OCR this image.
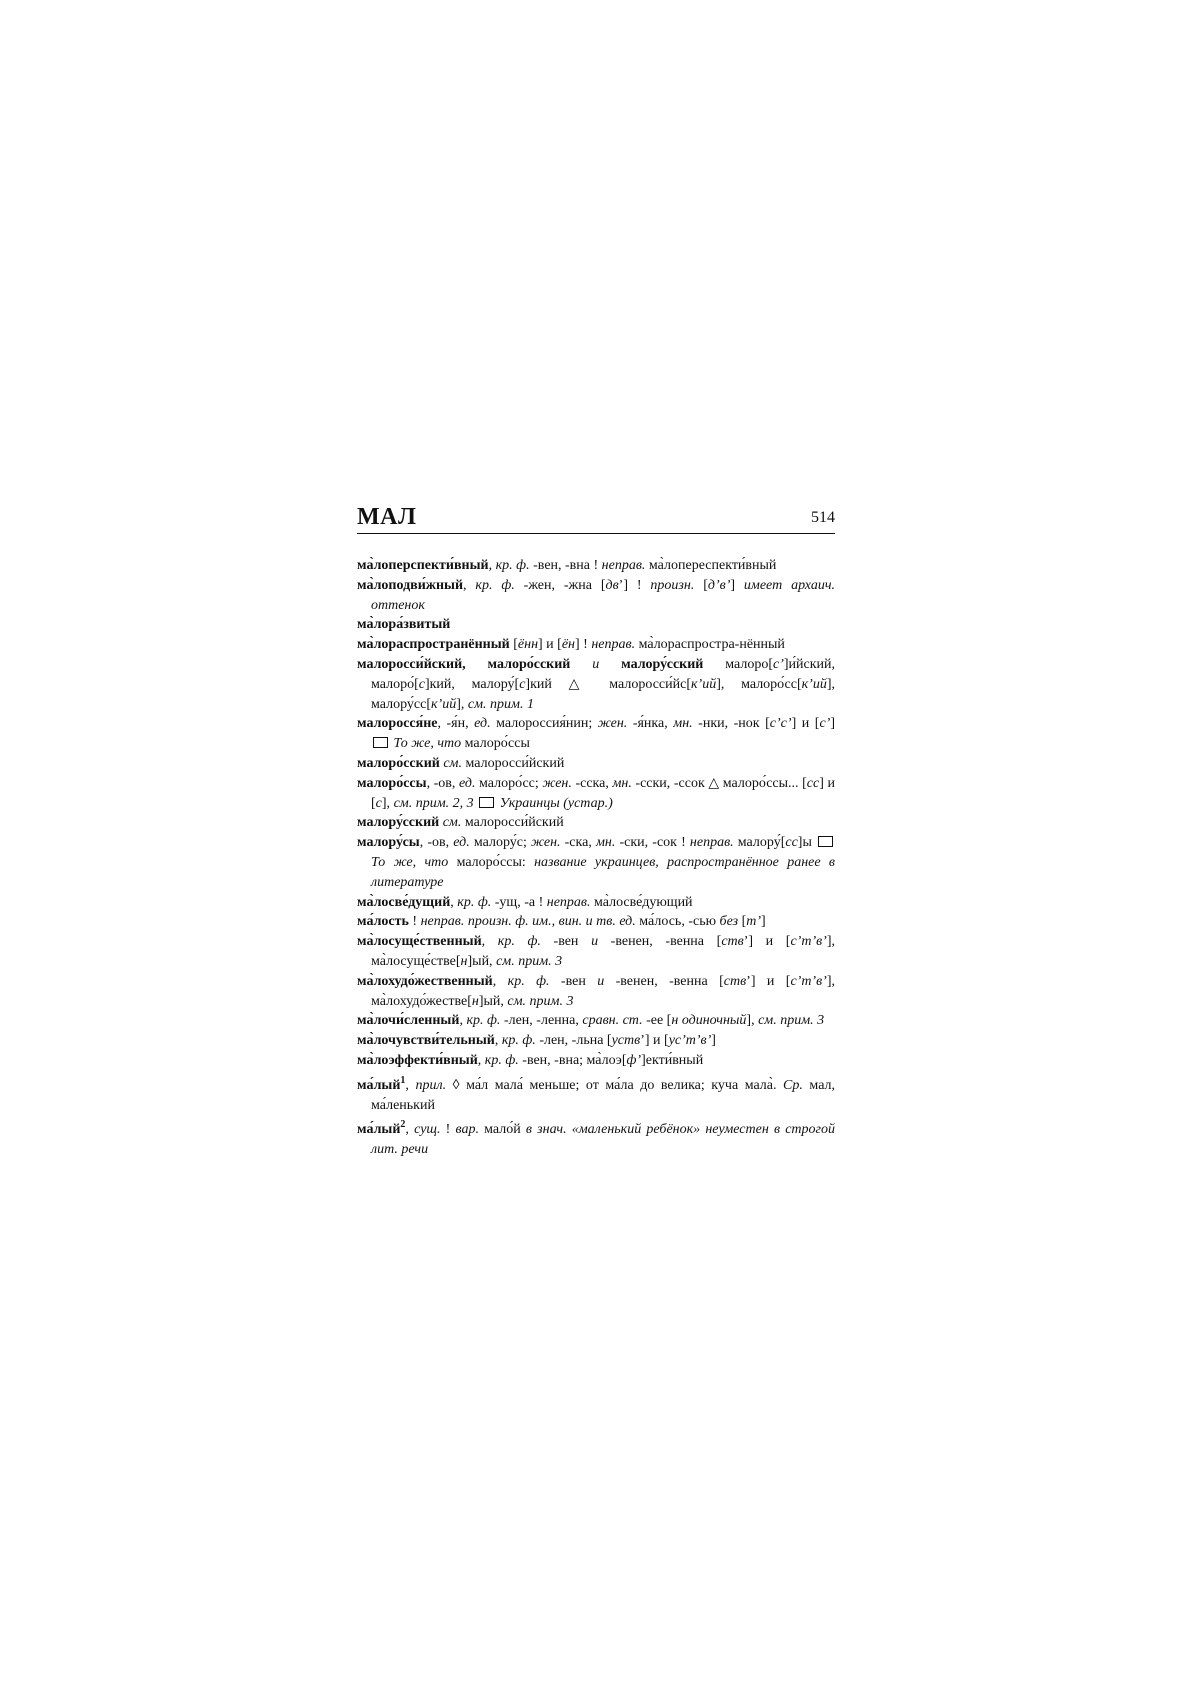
МАЛ	514

ма̀лоперспекти́вный, кр. ф. -вен, -вна ! неправ. ма̀лопереспекти́вный

ма̀лоподви́жный, кр. ф. -жен, -жна [двʼ] ! произн. [дʼвʼ] имеет архаич. оттенок

ма̀лора́звитый

ма̀лораспространённый [ённ] и [ён] ! неправ. ма̀лораспростра-нённый

малоросси́йский, малоро́сский и малору́сский малоро[сʼ]и́йский, малоро́[с]кий, малору́[с]кий △ малоросси́йс[кʼий], малоро́сс[кʼий], малору́сс[кʼий], см. прим. 1

малоросся́не, -я́н, ед. малороссия́нин; жен. -я́нка, мн. -нки, -нок [сʼсʼ] и [сʼ]  То же, что малоро́ссы

малоро́сский см. малоросси́йский

малоро́ссы, -ов, ед. малоро́сс; жен. -сска, мн. -сски, -ссок △ малоро́ссы... [сс] и [с], см. прим. 2, 3 Украинцы (устар.)

малору́сский см. малоросси́йский

малору́сы, -ов, ед. малору́с; жен. -ска, мн. -ски, -сок ! неправ. малору́[сс]ы  То же, что малоро́ссы: название украинцев, распространённое ранее в литературе

ма̀лосве́дущий, кр. ф. -ущ, -а ! неправ. ма̀лосве́дующий

ма́лость ! неправ. произн. ф. им., вин. и тв. ед. ма́лось, -сью без [тʼ]

ма̀лосуще́ственный, кр. ф. -вен и -венен, -венна [ствʼ] и [сʼтʼвʼ], ма̀лосуще́стве[н]ый, см. прим. 3

ма̀лохудо́жественный, кр. ф. -вен и -венен, -венна [ствʼ] и [сʼтʼвʼ], ма̀лохудо́жестве[н]ый, см. прим. 3

ма̀лочи́сленный, кр. ф. -лен, -ленна, сравн. ст. -ее [н одиночный], см. прим. 3

ма̀лочувстви́тельный, кр. ф. -лен, -льна [уствʼ] и [усʼтʼвʼ]

ма̀лоэффекти́вный, кр. ф. -вен, -вна; ма̀лоэ[фʼ]екти́вный

ма́лый$^1$, прил. ◊ ма́л мала́ меньше; от ма́ла до велика; куча мала̀. Ср. мал, ма́ленький

ма́лый$^2$, сущ. ! вар. мало́й в знач. «маленький ребёнок» неуместен в строгой лит. речи
